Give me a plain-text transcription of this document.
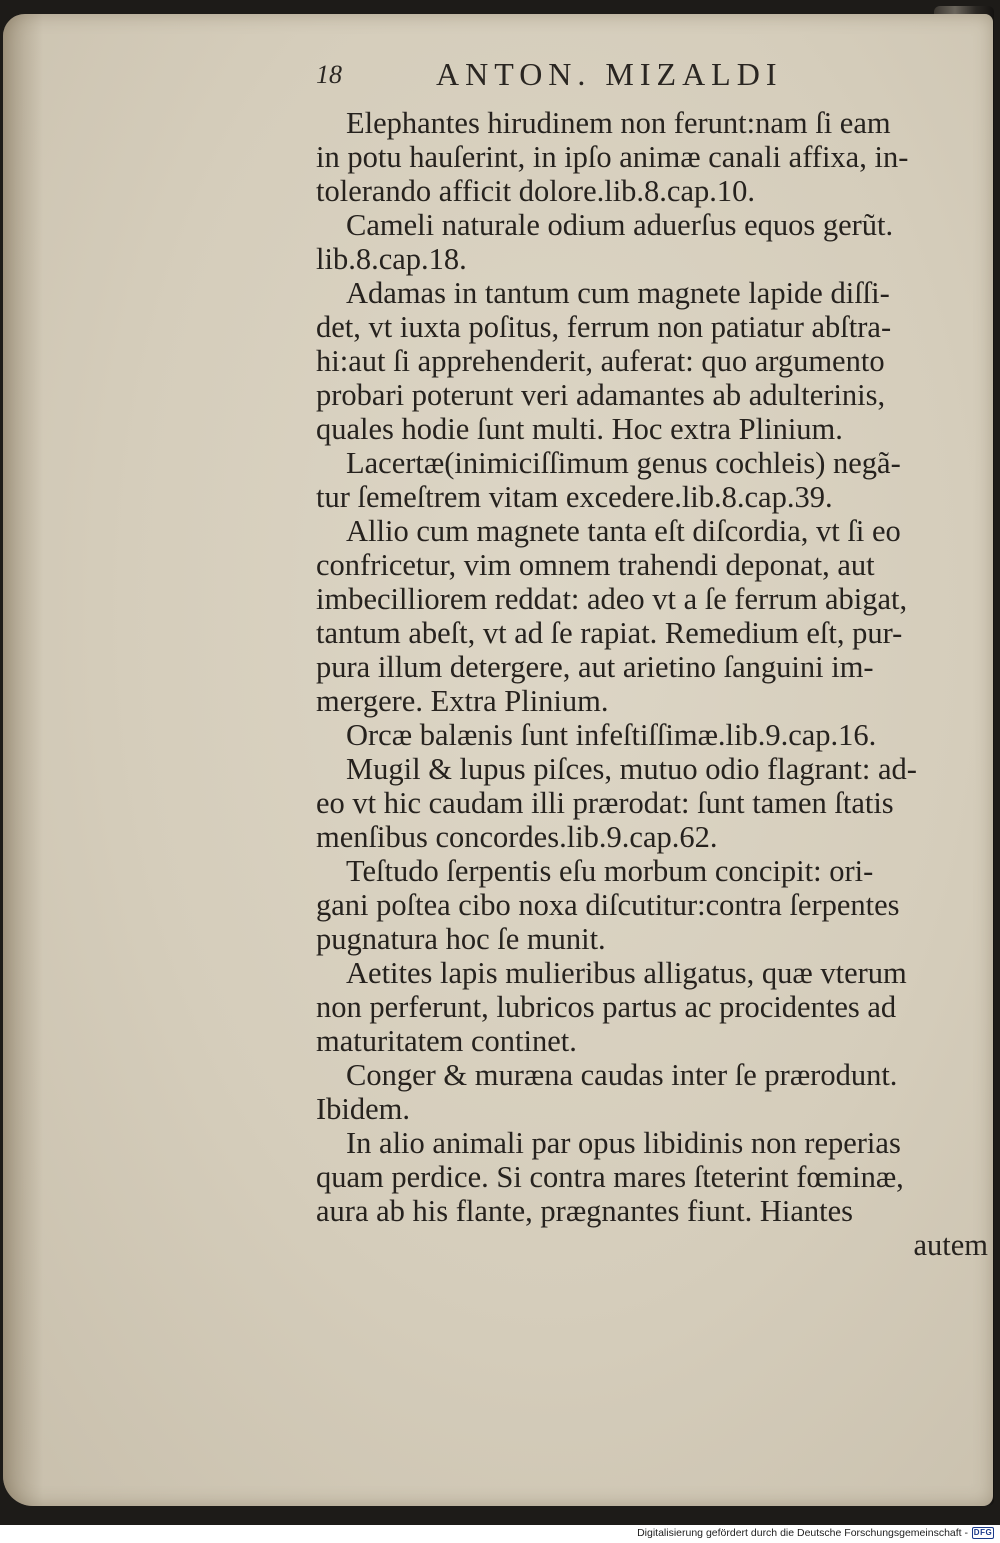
18	ANTON. MIZALDI
Elephantes hirudinem non ferunt:nam ſi eam
in potu hauſerint, in ipſo animæ canali affixa, in-
tolerando afficit dolore.lib.8.cap.10.
Cameli naturale odium aduerſus equos gerũt.
lib.8.cap.18.
Adamas in tantum cum magnete lapide diſſi-
det, vt iuxta poſitus, ferrum non patiatur abſtra-
hi:aut ſi apprehenderit, auferat: quo argumento
probari poterunt veri adamantes ab adulterinis,
quales hodie ſunt multi. Hoc extra Plinium.
Lacertæ(inimiciſſimum genus cochleis) negã-
tur ſemeſtrem vitam excedere.lib.8.cap.39.
Allio cum magnete tanta eſt diſcordia, vt ſi eo
confricetur, vim omnem trahendi deponat, aut
imbecilliorem reddat: adeo vt a ſe ferrum abigat,
tantum abeſt, vt ad ſe rapiat. Remedium eſt, pur-
pura illum detergere, aut arietino ſanguini im-
mergere. Extra Plinium.
Orcæ balænis ſunt infeſtiſſimæ.lib.9.cap.16.
Mugil & lupus piſces, mutuo odio flagrant: ad-
eo vt hic caudam illi prærodat: ſunt tamen ſtatis
menſibus concordes.lib.9.cap.62.
Teſtudo ſerpentis eſu morbum concipit: ori-
gani poſtea cibo noxa diſcutitur:contra ſerpentes
pugnatura hoc ſe munit.
Aetites lapis mulieribus alligatus, quæ vterum
non perferunt, lubricos partus ac procidentes ad
maturitatem continet.
Conger & muræna caudas inter ſe prærodunt.
Ibidem.
In alio animali par opus libidinis non reperias
quam perdice. Si contra mares ſteterint fœminæ,
aura ab his flante, prægnantes fiunt. Hiantes
autem
Digitalisierung gefördert durch die Deutsche Forschungsgemeinschaft - DFG
